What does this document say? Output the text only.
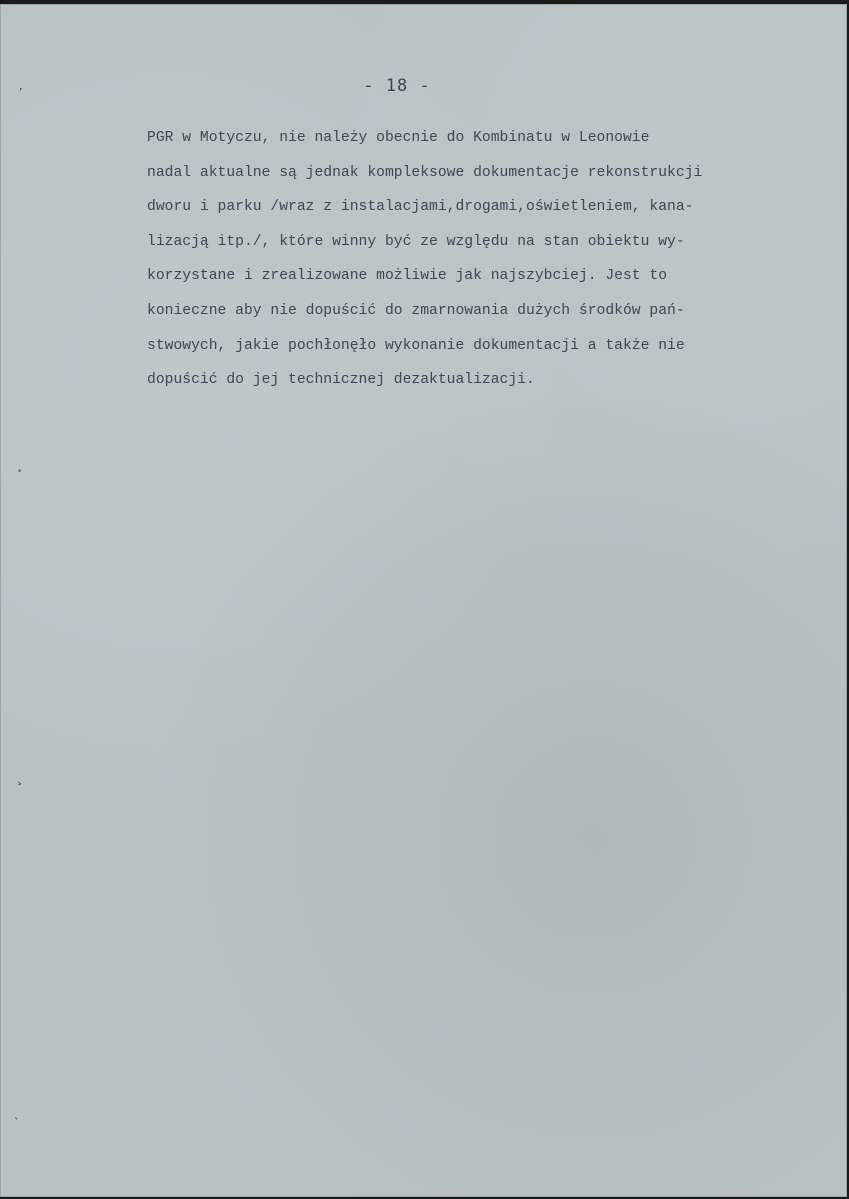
- 18 -
PGR w Motyczu, nie należy obecnie do Kombinatu w Leonowie
nadal aktualne są jednak kompleksowe dokumentacje rekonstrukcji
dworu i parku /wraz z instalacjami,drogami,oświetleniem, kana-
lizacją itp./, które winny być ze względu na stan obiektu wy-
korzystane i zrealizowane możliwie jak najszybciej. Jest to
konieczne aby nie dopuścić do zmarnowania dużych środków pań-
stwowych, jakie pochłonęło wykonanie dokumentacji a także nie
dopuścić do jej technicznej dezaktualizacji.
ʼ
˔
˃
ˎ
